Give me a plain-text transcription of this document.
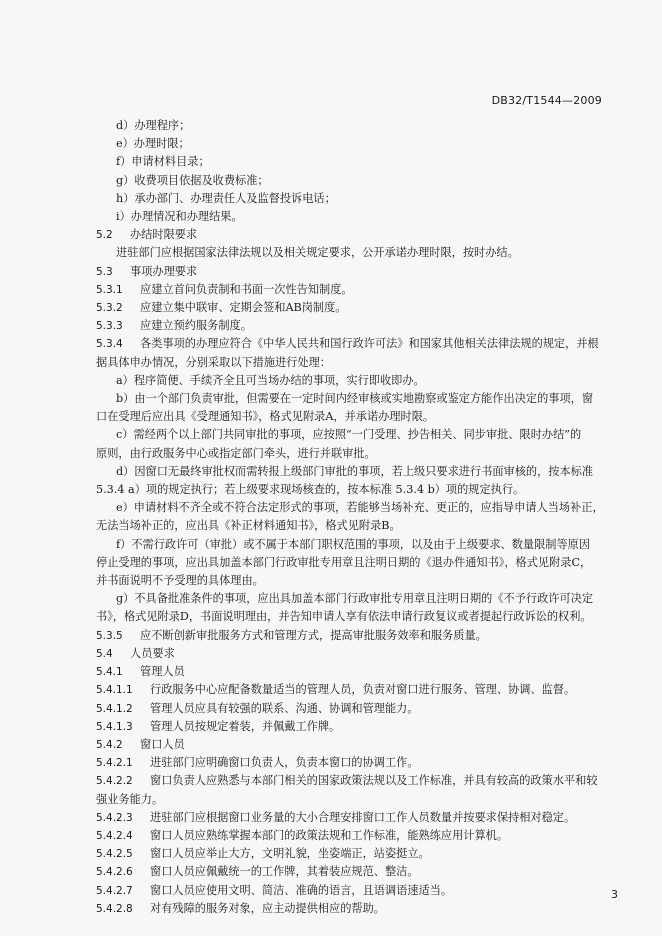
DB32/T1544—2009
d）办理程序；
e）办理时限；
f）申请材料目录；
g）收费项目依据及收费标准；
h）承办部门、办理责任人及监督投诉电话；
i）办理情况和办理结果。
5.2 办结时限要求
进驻部门应根据国家法律法规以及相关规定要求，公开承诺办理时限，按时办结。
5.3 事项办理要求
5.3.1 应建立首问负责制和书面一次性告知制度。
5.3.2 应建立集中联审、定期会签和AB岗制度。
5.3.3 应建立预约服务制度。
5.3.4 各类事项的办理应符合《中华人民共和国行政许可法》和国家其他相关法律法规的规定，并根
据具体申办情况，分别采取以下措施进行处理：
a）程序简便、手续齐全且可当场办结的事项，实行即收即办。
b）由一个部门负责审批，但需要在一定时间内经审核或实地勘察或鉴定方能作出决定的事项，窗
口在受理后应出具《受理通知书》，格式见附录A，并承诺办理时限。
c）需经两个以上部门共同审批的事项，应按照“一门受理、抄告相关、同步审批、限时办结”的
原则，由行政服务中心或指定部门牵头，进行并联审批。
d）因窗口无最终审批权而需转报上级部门审批的事项，若上级只要求进行书面审核的，按本标准
5.3.4 a）项的规定执行；若上级要求现场核查的，按本标准 5.3.4 b）项的规定执行。
e）申请材料不齐全或不符合法定形式的事项，若能够当场补充、更正的，应指导申请人当场补正，
无法当场补正的，应出具《补正材料通知书》，格式见附录B。
f）不需行政许可（审批）或不属于本部门职权范围的事项，以及由于上级要求、数量限制等原因
停止受理的事项，应出具加盖本部门行政审批专用章且注明日期的《退办件通知书》，格式见附录C，
并书面说明不予受理的具体理由。
g）不具备批准条件的事项，应出具加盖本部门行政审批专用章且注明日期的《不予行政许可决定
书》，格式见附录D，书面说明理由，并告知申请人享有依法申请行政复议或者提起行政诉讼的权利。
5.3.5 应不断创新审批服务方式和管理方式，提高审批服务效率和服务质量。
5.4 人员要求
5.4.1 管理人员
5.4.1.1 行政服务中心应配备数量适当的管理人员，负责对窗口进行服务、管理、协调、监督。
5.4.1.2 管理人员应具有较强的联系、沟通、协调和管理能力。
5.4.1.3 管理人员按规定着装，并佩戴工作牌。
5.4.2 窗口人员
5.4.2.1 进驻部门应明确窗口负责人，负责本窗口的协调工作。
5.4.2.2 窗口负责人应熟悉与本部门相关的国家政策法规以及工作标准，并具有较高的政策水平和较
强业务能力。
5.4.2.3 进驻部门应根据窗口业务量的大小合理安排窗口工作人员数量并按要求保持相对稳定。
5.4.2.4 窗口人员应熟练掌握本部门的政策法规和工作标准，能熟练应用计算机。
5.4.2.5 窗口人员应举止大方，文明礼貌，坐姿端正，站姿挺立。
5.4.2.6 窗口人员应佩戴统一的工作牌，其着装应规范、整洁。
5.4.2.7 窗口人员应使用文明、简洁、准确的语言，且语调语速适当。
5.4.2.8 对有残障的服务对象，应主动提供相应的帮助。
3
